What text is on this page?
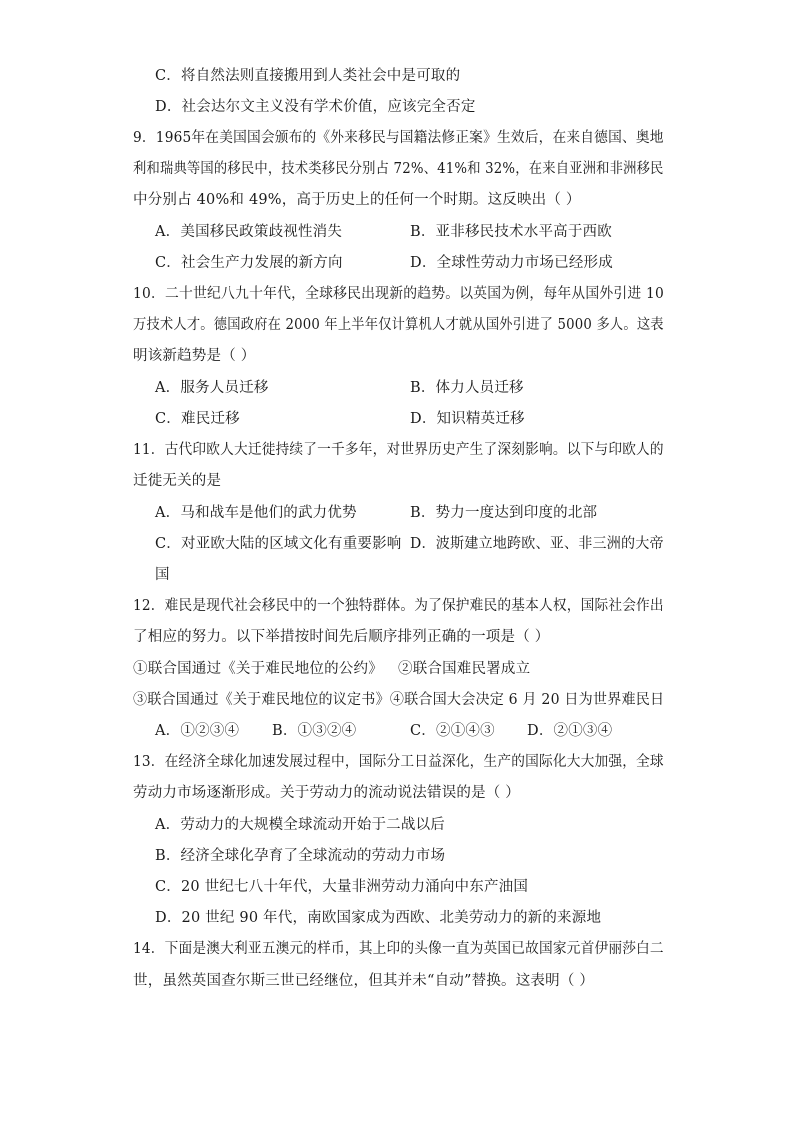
C．将自然法则直接搬用到人类社会中是可取的
D．社会达尔文主义没有学术价值，应该完全否定
9．1965年在美国国会颁布的《外来移民与国籍法修正案》生效后，在来自德国、奥地
利和瑞典等国的移民中，技术类移民分别占 72%、41%和 32%，在来自亚洲和非洲移民
中分别占 40%和 49%，高于历史上的任何一个时期。这反映出（ ）
A．美国移民政策歧视性消失	B．亚非移民技术水平高于西欧
C．社会生产力发展的新方向	D．全球性劳动力市场已经形成
10．二十世纪八九十年代，全球移民出现新的趋势。以英国为例，每年从国外引进 10
万技术人才。德国政府在 2000 年上半年仅计算机人才就从国外引进了 5000 多人。这表
明该新趋势是（ ）
A．服务人员迁移	B．体力人员迁移
C．难民迁移	D．知识精英迁移
11．古代印欧人大迁徙持续了一千多年，对世界历史产生了深刻影响。以下与印欧人的
迁徙无关的是
A．马和战车是他们的武力优势	B．势力一度达到印度的北部
C．对亚欧大陆的区域文化有重要影响 D．波斯建立地跨欧、亚、非三洲的大帝
国
12．难民是现代社会移民中的一个独特群体。为了保护难民的基本人权，国际社会作出
了相应的努力。以下举措按时间先后顺序排列正确的一项是（ ）
①联合国通过《关于难民地位的公约》 ②联合国难民署成立
③联合国通过《关于难民地位的议定书》④联合国大会决定 6 月 20 日为世界难民日
A．①②③④ B．①③②④	C．②①④③ D．②①③④
13．在经济全球化加速发展过程中，国际分工日益深化，生产的国际化大大加强，全球
劳动力市场逐渐形成。关于劳动力的流动说法错误的是（ ）
A．劳动力的大规模全球流动开始于二战以后
B．经济全球化孕育了全球流动的劳动力市场
C．20 世纪七八十年代，大量非洲劳动力涌向中东产油国
D．20 世纪 90 年代，南欧国家成为西欧、北美劳动力的新的来源地
14．下面是澳大利亚五澳元的样币，其上印的头像一直为英国已故国家元首伊丽莎白二
世，虽然英国查尔斯三世已经继位，但其并未“自动”替换。这表明（ ）
